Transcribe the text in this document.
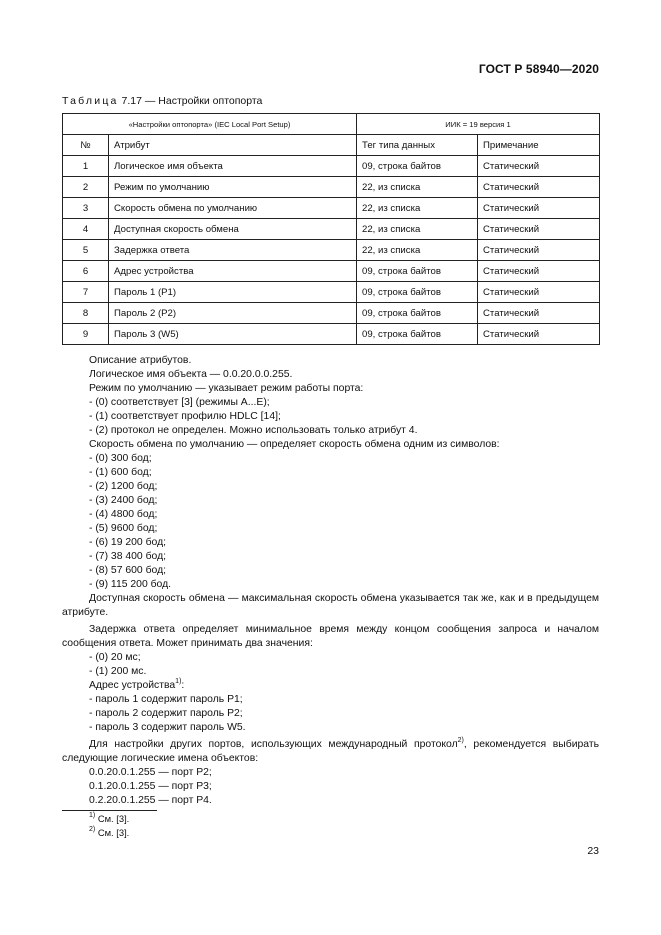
ГОСТ Р 58940—2020
Таблица 7.17 — Настройки оптопорта
«Настройки оптопорта» (IEC Local Port Setup)		ИИК = 19 версия 1	
№	Атрибут	Тег типа данных	Примечание
1	Логическое имя объекта	09, строка байтов	Статический
2	Режим по умолчанию	22, из списка	Статический
3	Скорость обмена по умолчанию	22, из списка	Статический
4	Доступная скорость обмена	22, из списка	Статический
5	Задержка ответа	22, из списка	Статический
6	Адрес устройства	09, строка байтов	Статический
7	Пароль 1 (P1)	09, строка байтов	Статический
8	Пароль 2 (P2)	09, строка байтов	Статический
9	Пароль 3 (W5)	09, строка байтов	Статический

Описание атрибутов.

Логическое имя объекта — 0.0.20.0.0.255.

Режим по умолчанию — указывает режим работы порта:

- (0) соответствует [3] (режимы A...E);

- (1) соответствует профилю HDLC [14];

- (2) протокол не определен. Можно использовать только атрибут 4.

Скорость обмена по умолчанию — определяет скорость обмена одним из символов:

- (0) 300 бод;

- (1) 600 бод;

- (2) 1200 бод;

- (3) 2400 бод;

- (4) 4800 бод;

- (5) 9600 бод;

- (6) 19 200 бод;

- (7) 38 400 бод;

- (8) 57 600 бод;

- (9) 115 200 бод.

Доступная скорость обмена — максимальная скорость обмена указывается так же, как и в предыдущем атрибуте.

Задержка ответа определяет минимальное время между концом сообщения запроса и началом сообщения ответа. Может принимать два значения:

- (0) 20 мс;

- (1) 200 мс.

Адрес устройства$^{1)}$:

- пароль 1 содержит пароль P1;

- пароль 2 содержит пароль P2;

- пароль 3 содержит пароль W5.

Для настройки других портов, использующих международный протокол$^{2)}$, рекомендуется выбирать следующие логические имена объектов:

0.0.20.0.1.255 — порт P2;

0.1.20.0.1.255 — порт P3;

0.2.20.0.1.255 — порт P4.

$^{1)}$ См. [3].
$^{2)}$ См. [3].
23
